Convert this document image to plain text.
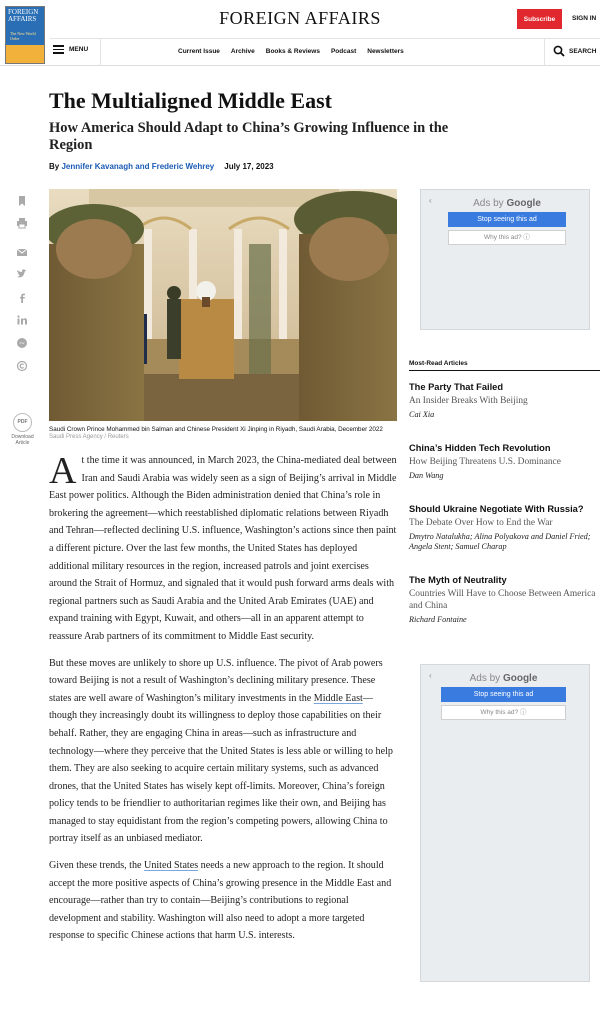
FOREIGN AFFAIRS
The New World Order
FOREIGN AFFAIRS	Subscribe	SIGN IN
MENU	Current Issue Archive Books & Reviews Podcast Newsletters	SEARCH
The Multialigned Middle East
How America Should Adapt to China’s Growing Influence in the Region
By Jennifer Kavanagh and Frederic Wehrey July 17, 2023
PDF
Download Article
Saudi Crown Prince Mohammed bin Salman and Chinese President Xi Jinping in Riyadh, Saudi Arabia, December 2022
Saudi Press Agency / Reuters

At the time it was announced, in March 2023, the China-mediated deal between Iran and Saudi Arabia was widely seen as a sign of Beijing’s arrival in Middle East power politics. Although the Biden administration denied that China’s role in brokering the agreement—which reestablished diplomatic relations between Riyadh and Tehran—reflected declining U.S. influence, Washington’s actions since then paint a different picture. Over the last few months, the United States has deployed additional military resources in the region, increased patrols and joint exercises around the Strait of Hormuz, and signaled that it would push forward arms deals with regional partners such as Saudi Arabia and the United Arab Emirates (UAE) and expand training with Egypt, Kuwait, and others—all in an apparent attempt to reassure Arab partners of its commitment to Middle East security.

But these moves are unlikely to shore up U.S. influence. The pivot of Arab powers toward Beijing is not a result of Washington’s declining military presence. These states are well aware of Washington’s military investments in the Middle East—though they increasingly doubt its willingness to deploy those capabilities on their behalf. Rather, they are engaging China in areas—such as infrastructure and technology—where they perceive that the United States is less able or willing to help them. They are also seeking to acquire certain military systems, such as advanced drones, that the United States has wisely kept off-limits. Moreover, China’s foreign policy tends to be friendlier to authoritarian regimes like their own, and Beijing has managed to stay equidistant from the region’s competing powers, allowing China to portray itself as an unbiased mediator.

Given these trends, the United States needs a new approach to the region. It should accept the more positive aspects of China’s growing presence in the Middle East and encourage—rather than try to contain—Beijing’s contributions to regional development and stability. Washington will also need to adopt a more targeted response to specific Chinese actions that harm U.S. interests.

‹	Ads by Google
Stop seeing this ad
Why this ad? ⓘ
Most-Read Articles
The Party That Failed
An Insider Breaks With Beijing
Cai Xia
China’s Hidden Tech Revolution
How Beijing Threatens U.S. Dominance
Dan Wang
Should Ukraine Negotiate With Russia?
The Debate Over How to End the War
Dmytro Natalukha; Alina Polyakova and Daniel Fried; Angela Stent; Samuel Charap
The Myth of Neutrality
Countries Will Have to Choose Between America and China
Richard Fontaine
‹	Ads by Google
Stop seeing this ad
Why this ad? ⓘ
